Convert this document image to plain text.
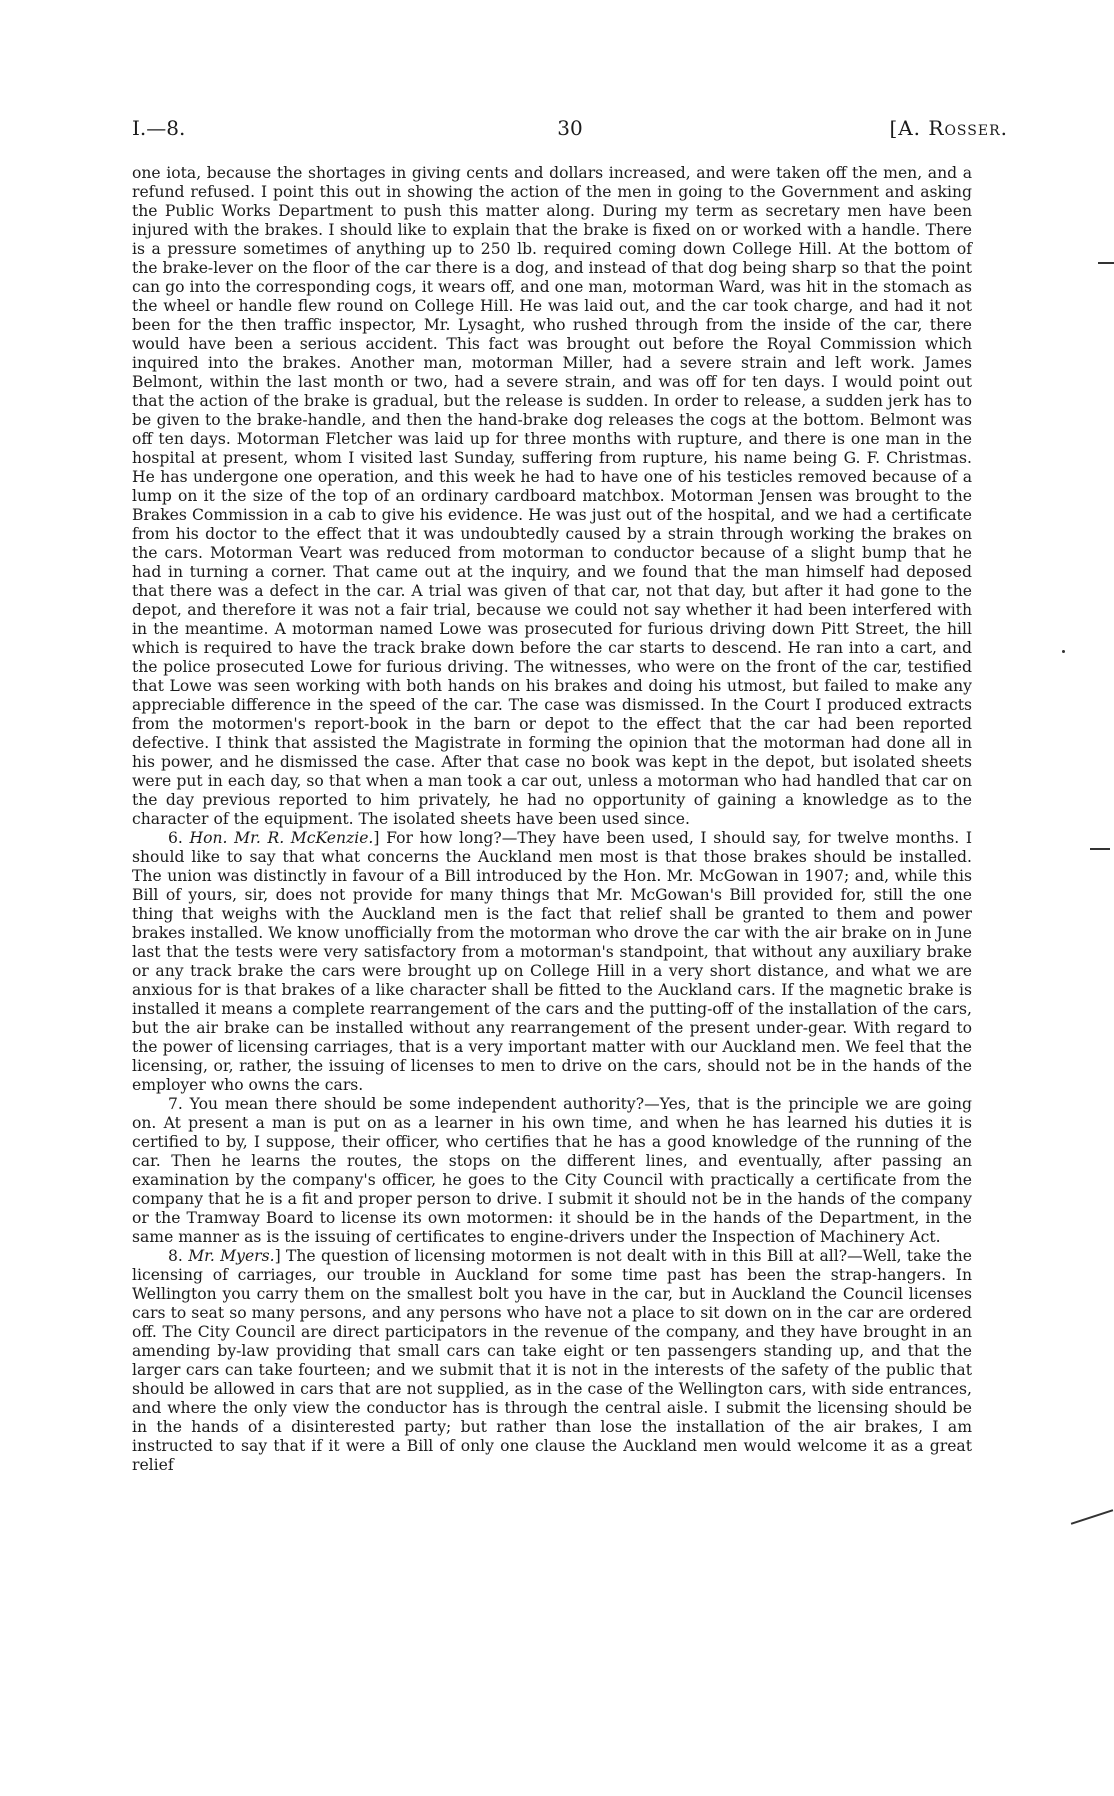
I.—8.	30	[A. Rosser.

one iota, because the shortages in giving cents and dollars increased, and were taken off the men, and a refund refused. I point this out in showing the action of the men in going to the Government and asking the Public Works Department to push this matter along. During my term as secretary men have been injured with the brakes. I should like to explain that the brake is fixed on or worked with a handle. There is a pressure sometimes of anything up to 250 lb. required coming down College Hill. At the bottom of the brake-lever on the floor of the car there is a dog, and instead of that dog being sharp so that the point can go into the corresponding cogs, it wears off, and one man, motorman Ward, was hit in the stomach as the wheel or handle flew round on College Hill. He was laid out, and the car took charge, and had it not been for the then traffic inspector, Mr. Lysaght, who rushed through from the inside of the car, there would have been a serious accident. This fact was brought out before the Royal Commission which inquired into the brakes. Another man, motorman Miller, had a severe strain and left work. James Belmont, within the last month or two, had a severe strain, and was off for ten days. I would point out that the action of the brake is gradual, but the release is sudden. In order to release, a sudden jerk has to be given to the brake-handle, and then the hand-brake dog releases the cogs at the bottom. Belmont was off ten days. Motorman Fletcher was laid up for three months with rupture, and there is one man in the hospital at present, whom I visited last Sunday, suffering from rupture, his name being G. F. Christmas. He has undergone one operation, and this week he had to have one of his testicles removed because of a lump on it the size of the top of an ordinary cardboard matchbox. Motorman Jensen was brought to the Brakes Commission in a cab to give his evidence. He was just out of the hospital, and we had a certificate from his doctor to the effect that it was undoubtedly caused by a strain through working the brakes on the cars. Motorman Veart was reduced from motorman to conductor because of a slight bump that he had in turning a corner. That came out at the inquiry, and we found that the man himself had deposed that there was a defect in the car. A trial was given of that car, not that day, but after it had gone to the depot, and therefore it was not a fair trial, because we could not say whether it had been interfered with in the meantime. A motorman named Lowe was prosecuted for furious driving down Pitt Street, the hill which is required to have the track brake down before the car starts to descend. He ran into a cart, and the police prosecuted Lowe for furious driving. The witnesses, who were on the front of the car, testified that Lowe was seen working with both hands on his brakes and doing his utmost, but failed to make any appreciable difference in the speed of the car. The case was dismissed. In the Court I produced extracts from the motormen's report-book in the barn or depot to the effect that the car had been reported defective. I think that assisted the Magistrate in forming the opinion that the motorman had done all in his power, and he dismissed the case. After that case no book was kept in the depot, but isolated sheets were put in each day, so that when a man took a car out, unless a motorman who had handled that car on the day previous reported to him privately, he had no opportunity of gaining a knowledge as to the character of the equipment. The isolated sheets have been used since.

6. Hon. Mr. R. McKenzie.] For how long?—They have been used, I should say, for twelve months. I should like to say that what concerns the Auckland men most is that those brakes should be installed. The union was distinctly in favour of a Bill introduced by the Hon. Mr. McGowan in 1907; and, while this Bill of yours, sir, does not provide for many things that Mr. McGowan's Bill provided for, still the one thing that weighs with the Auckland men is the fact that relief shall be granted to them and power brakes installed. We know unofficially from the motorman who drove the car with the air brake on in June last that the tests were very satisfactory from a motorman's standpoint, that without any auxiliary brake or any track brake the cars were brought up on College Hill in a very short distance, and what we are anxious for is that brakes of a like character shall be fitted to the Auckland cars. If the magnetic brake is installed it means a complete rearrangement of the cars and the putting-off of the installation of the cars, but the air brake can be installed without any rearrangement of the present under-gear. With regard to the power of licensing carriages, that is a very important matter with our Auckland men. We feel that the licensing, or, rather, the issuing of licenses to men to drive on the cars, should not be in the hands of the employer who owns the cars.

7. You mean there should be some independent authority?—Yes, that is the principle we are going on. At present a man is put on as a learner in his own time, and when he has learned his duties it is certified to by, I suppose, their officer, who certifies that he has a good knowledge of the running of the car. Then he learns the routes, the stops on the different lines, and eventually, after passing an examination by the company's officer, he goes to the City Council with practically a certificate from the company that he is a fit and proper person to drive. I submit it should not be in the hands of the company or the Tramway Board to license its own motormen: it should be in the hands of the Department, in the same manner as is the issuing of certificates to engine-drivers under the Inspection of Machinery Act.

8. Mr. Myers.] The question of licensing motormen is not dealt with in this Bill at all?—Well, take the licensing of carriages, our trouble in Auckland for some time past has been the strap-hangers. In Wellington you carry them on the smallest bolt you have in the car, but in Auckland the Council licenses cars to seat so many persons, and any persons who have not a place to sit down on in the car are ordered off. The City Council are direct participators in the revenue of the company, and they have brought in an amending by-law providing that small cars can take eight or ten passengers standing up, and that the larger cars can take fourteen; and we submit that it is not in the interests of the safety of the public that should be allowed in cars that are not supplied, as in the case of the Wellington cars, with side entrances, and where the only view the conductor has is through the central aisle. I submit the licensing should be in the hands of a disinterested party; but rather than lose the installation of the air brakes, I am instructed to say that if it were a Bill of only one clause the Auckland men would welcome it as a great relief
